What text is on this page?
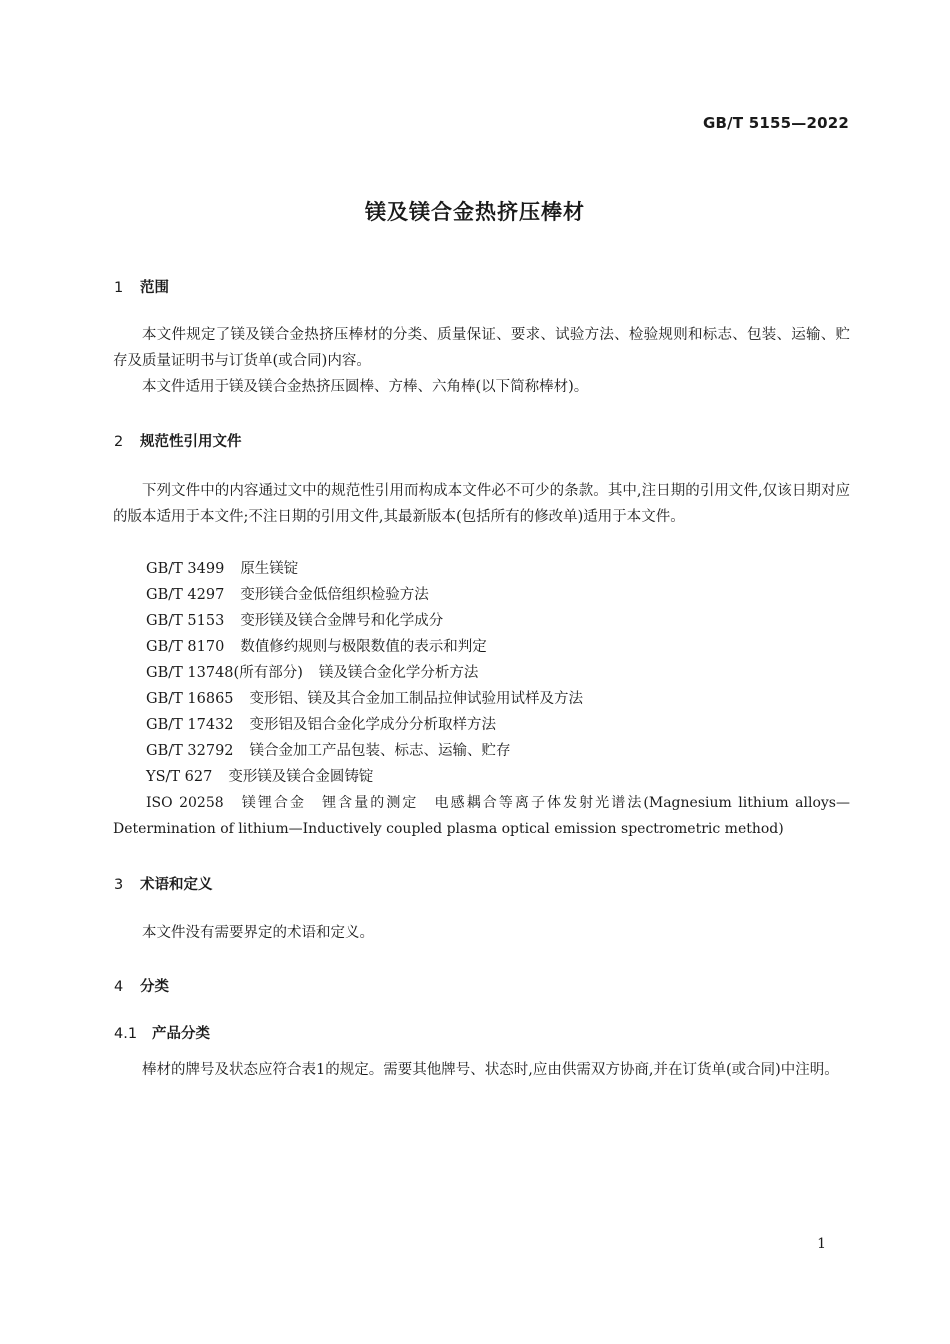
GB/T 5155—2022
镁及镁合金热挤压棒材
1 范围
本文件规定了镁及镁合金热挤压棒材的分类、质量保证、要求、试验方法、检验规则和标志、包装、运输、贮存及质量证明书与订货单(或合同)内容。
本文件适用于镁及镁合金热挤压圆棒、方棒、六角棒(以下简称棒材)。
2 规范性引用文件
下列文件中的内容通过文中的规范性引用而构成本文件必不可少的条款。其中,注日期的引用文件,仅该日期对应的版本适用于本文件;不注日期的引用文件,其最新版本(包括所有的修改单)适用于本文件。
GB/T 3499 原生镁锭
GB/T 4297 变形镁合金低倍组织检验方法
GB/T 5153 变形镁及镁合金牌号和化学成分
GB/T 8170 数值修约规则与极限数值的表示和判定
GB/T 13748(所有部分) 镁及镁合金化学分析方法
GB/T 16865 变形铝、镁及其合金加工制品拉伸试验用试样及方法
GB/T 17432 变形铝及铝合金化学成分分析取样方法
GB/T 32792 镁合金加工产品包装、标志、运输、贮存
YS/T 627 变形镁及镁合金圆铸锭
ISO 20258　镁锂合金　锂含量的测定　电感耦合等离子体发射光谱法(Magnesium lithium alloys—Determination of lithium—Inductively coupled plasma optical emission spectrometric method)
3 术语和定义
本文件没有需要界定的术语和定义。
4 分类
4.1 产品分类
棒材的牌号及状态应符合表1的规定。需要其他牌号、状态时,应由供需双方协商,并在订货单(或合同)中注明。
1
